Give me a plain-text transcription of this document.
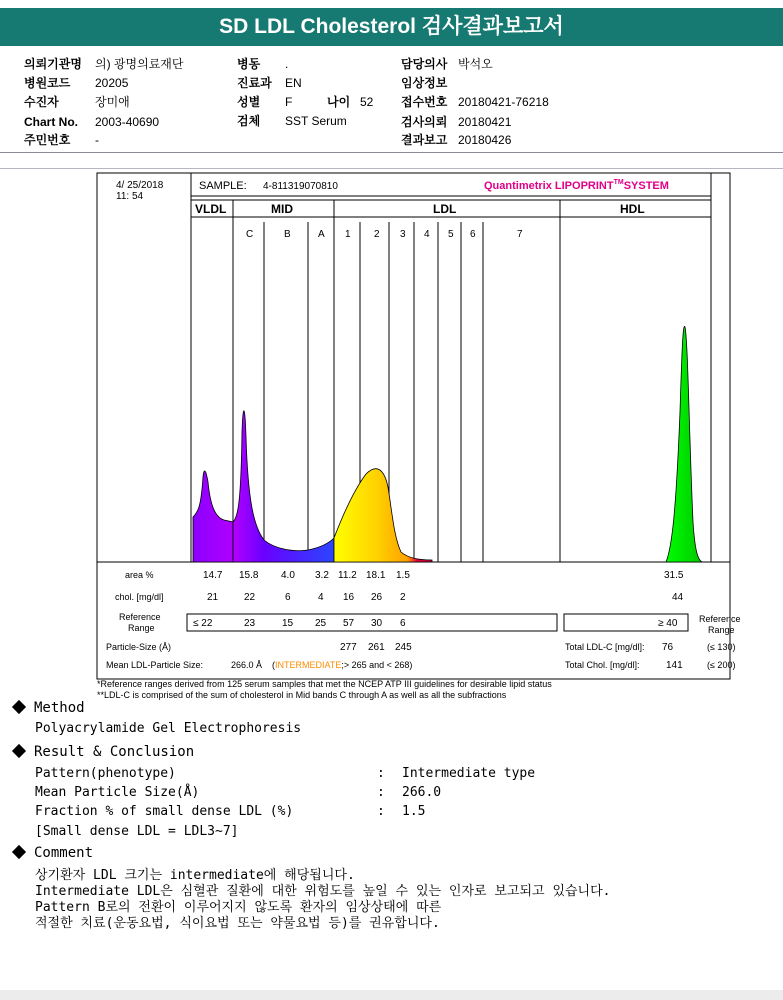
SD LDL Cholesterol 검사결과보고서
의뢰기관명 의) 광명의료재단	병동 .	담당의사 박석오
병원코드 20205	진료과 EN	임상정보
수진자	장미애	성별 F	나이 52 접수번호 20180421-76218
Chart No. 2003-40690	검체 SST Serum	검사의뢰 20180421
주민번호 -	결과보고 20180426
4/ 25/2018
11: 54
SAMPLE: 4-811319070810	Quantimetrix LIPOPRINT™SYSTEM
VLDL	MID	LDL	HDL
C	B	A 1 2 3 4 5 6	7
area %	14.7 15.8 4.0 3.2 11.2 18.1 1.5	31.5
chol. [mg/dl]	21	22	6	4 16 26 2	44
Reference
Range	≤ 22	23	15 25 57 30 6	≥ 40 Reference
Range
Particle-Size (Å)	277 261 245	Total LDL-C [mg/dl]: 76	(≤ 130)
Mean LDL-Particle Size:	266.0 Å (INTERMEDIATE;> 265 and < 268)	Total Chol. [mg/dl]:	141	(≤ 200)
*Reference ranges derived from 125 serum samples that met the NCEP ATP III guidelines for desirable lipid status
**LDL-C is comprised of the sum of cholesterol in Mid bands C through A as well as all the subfractions
Method
Polyacrylamide Gel Electrophoresis
Result & Conclusion
Pattern(phenotype)	: Intermediate type
Mean Particle Size(Å)	: 266.0
Fraction % of small dense LDL (%)	: 1.5
[Small dense LDL = LDL3~7]
Comment
상기환자 LDL 크기는 intermediate에 해당됩니다.
Intermediate LDL은 심혈관 질환에 대한 위험도를 높일 수 있는 인자로 보고되고 있습니다.
Pattern B로의 전환이 이루어지지 않도록 환자의 임상상태에 따른
적절한 치료(운동요법, 식이요법 또는 약물요법 등)를 권유합니다.
